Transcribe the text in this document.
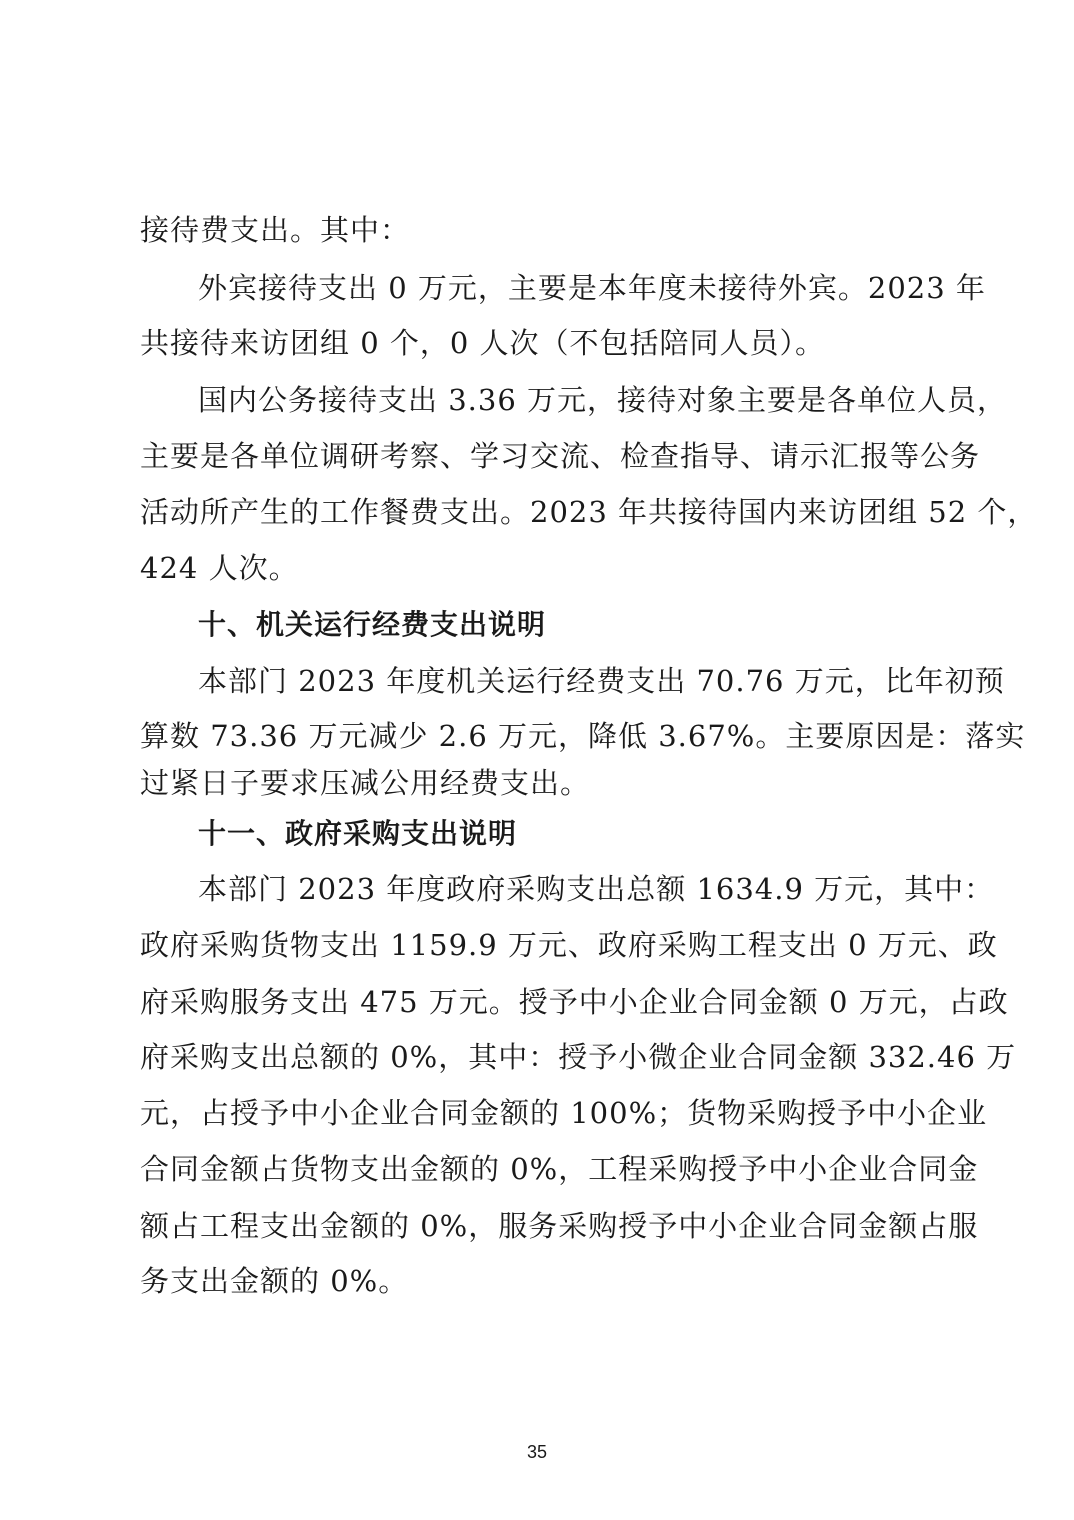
接待费支出。其中：
外宾接待支出 0 万元，主要是本年度未接待外宾。2023 年
共接待来访团组 0 个，0 人次（不包括陪同人员）。
国内公务接待支出 3.36 万元，接待对象主要是各单位人员，
主要是各单位调研考察、学习交流、检查指导、请示汇报等公务
活动所产生的工作餐费支出。2023 年共接待国内来访团组 52 个，
424 人次。
十、机关运行经费支出说明
本部门 2023 年度机关运行经费支出 70.76 万元，比年初预
算数 73.36 万元减少 2.6 万元，降低 3.67%。主要原因是：落实
过紧日子要求压减公用经费支出。
十一、政府采购支出说明
本部门 2023 年度政府采购支出总额 1634.9 万元，其中：
政府采购货物支出 1159.9 万元、政府采购工程支出 0 万元、政
府采购服务支出 475 万元。授予中小企业合同金额 0 万元，占政
府采购支出总额的 0%，其中：授予小微企业合同金额 332.46 万
元，占授予中小企业合同金额的 100%；货物采购授予中小企业
合同金额占货物支出金额的 0%，工程采购授予中小企业合同金
额占工程支出金额的 0%，服务采购授予中小企业合同金额占服
务支出金额的 0%。
35
